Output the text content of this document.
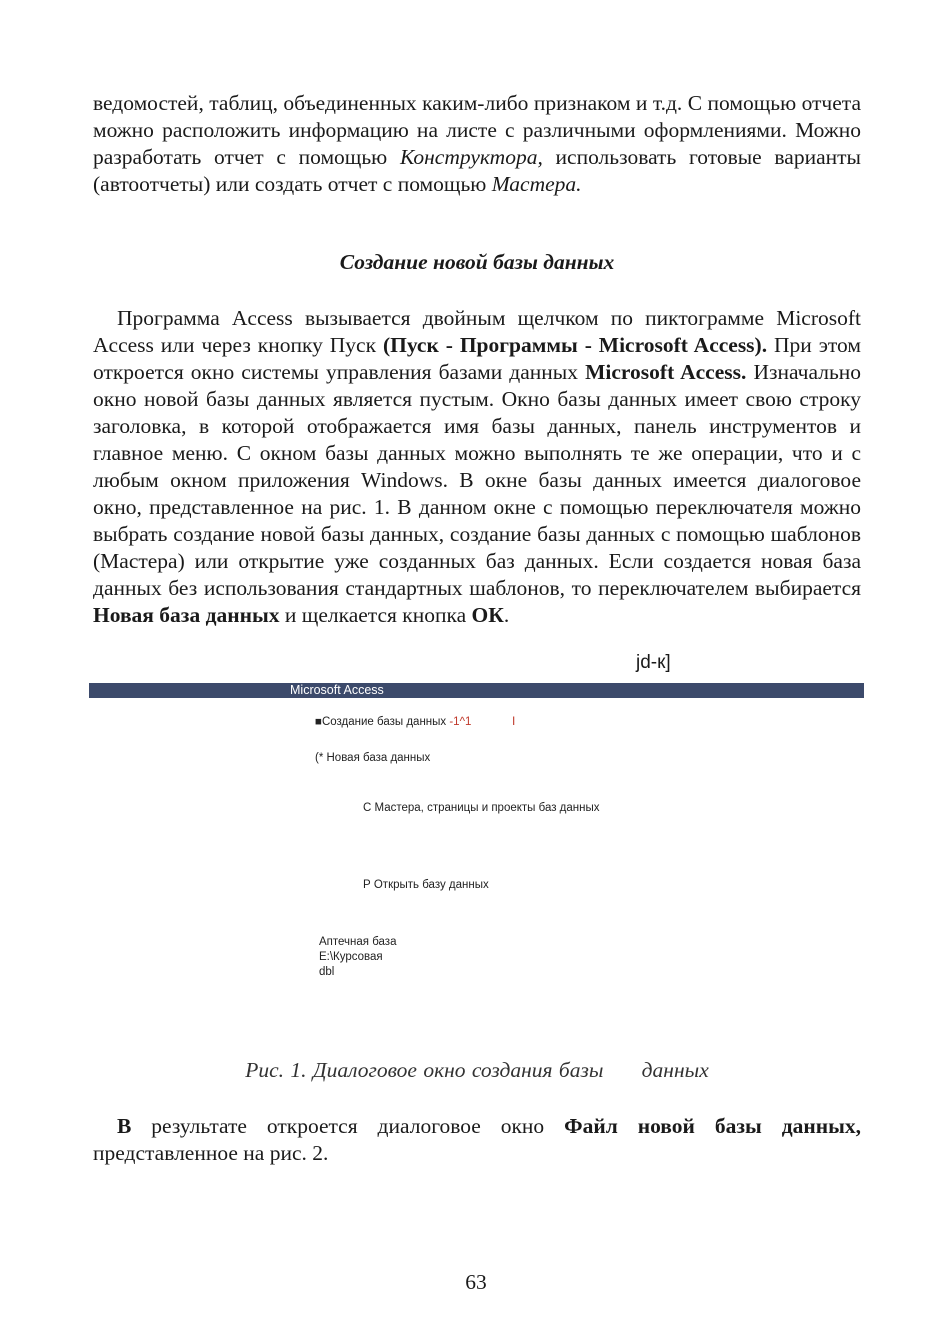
ведомостей, таблиц, объединенных каким-либо признаком и т.д. С помощью отчета можно расположить информацию на листе с различными оформлениями. Можно разработать отчет с помощью Конструктора, использовать готовые варианты (автоотчеты) или создать отчет с помощью Мастера.

Создание новой базы данных

Программа Access вызывается двойным щелчком по пиктограмме Microsoft Access или через кнопку Пуск (Пуск - Программы - Microsoft Access). При этом откроется окно системы управления базами данных Microsoft Access. Изначально окно новой базы данных является пустым. Окно базы данных имеет свою строку заголовка, в которой отображается имя базы данных, панель инструментов и главное меню. С окном базы данных можно выполнять те же операции, что и с любым окном приложения Windows. В окне базы данных имеется диалоговое окно, представленное на рис. 1. В данном окне с помощью переключателя можно выбрать создание новой базы данных, создание базы данных с помощью шаблонов (Мастера) или открытие уже созданных баз данных. Если создается новая база данных без использования стандартных шаблонов, то переключателем выбирается Новая база данных и щелкается кнопка ОК.

jd-к]
Microsoft Access
■Создание базы данных -1^1	I
(* Новая база данных
С Мастера, страницы и проекты баз данных
Р Открыть базу данных
Аптечная база
Е:\Курсовая
dbl
Рис. 1. Диалоговое окно создания базы      данных

В результате откроется диалоговое окно Файл новой базы данных, представленное на рис. 2.

63
